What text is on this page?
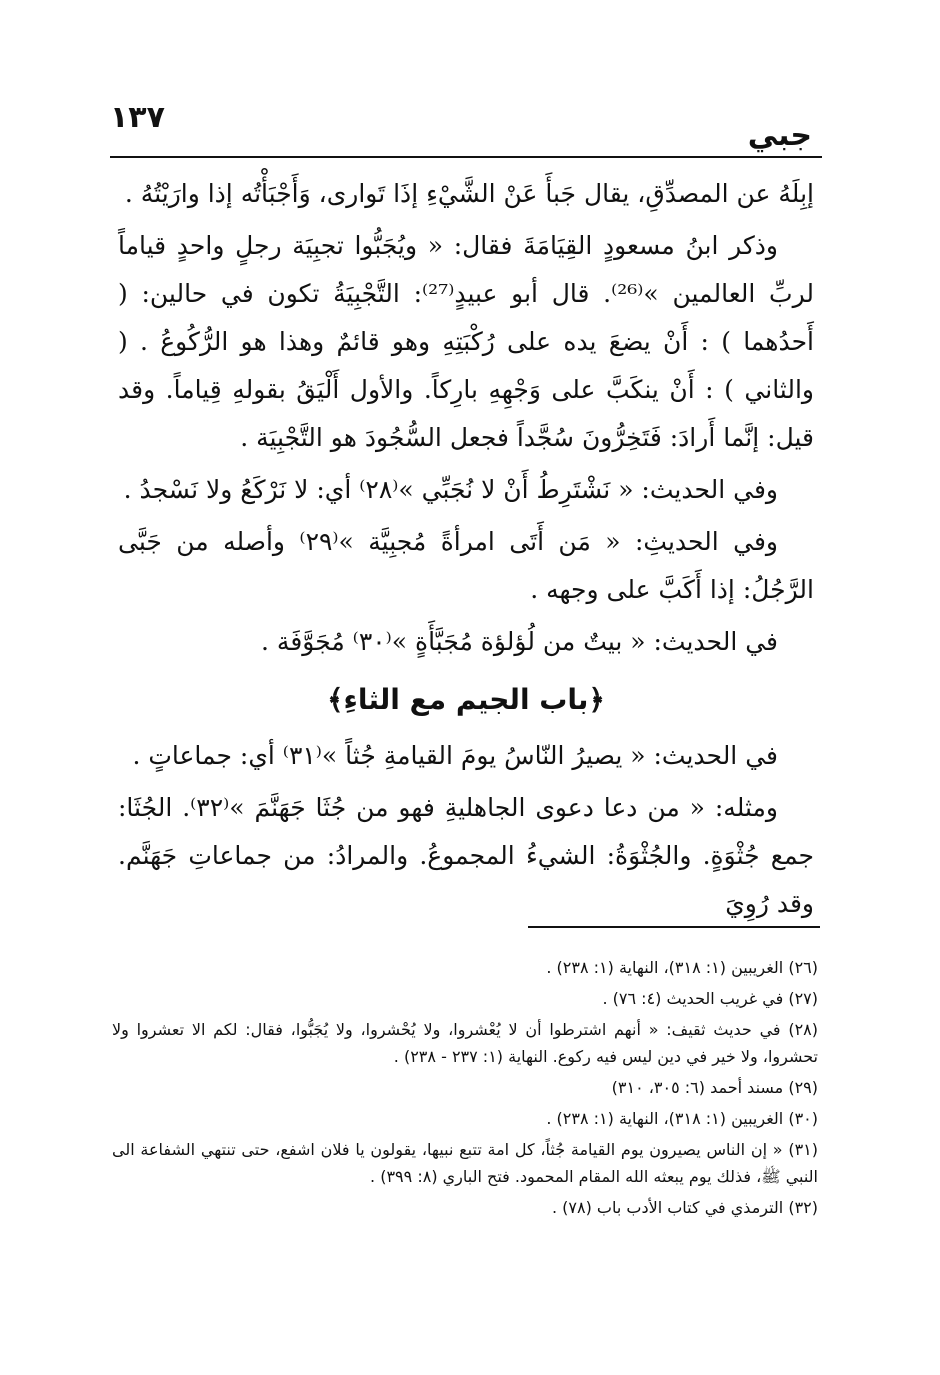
١٣٧
جبي

إبِلَهُ عن المصدِّقِ، يقال جَبأَ عَنْ الشَّيْءِ إذَا تَوارى، وَأَجْبَأْتُه إذا وارَيْتُهُ .

وذكر ابنُ مسعودٍ القِيَامَةَ فقال: « ويُجَبُّوا تجبِيَة رجلٍ واحدٍ قياماً لربِّ العالمين »⁽²⁶⁾. قال أبو عبيدٍ⁽²⁷⁾: التَّجْبِيَةُ تكون في حالين: ( أَحدُهما ) : أَنْ يضعَ يده على رُكْبَتِهِ وهو قائمٌ وهذا هو الرُّكُوعُ . ( والثاني ) : أَنْ ينكَبَّ على وَجْهِهِ بارِكاً. والأول أَلْيَقُ بقولهِ قِياماً. وقد قيل: إنَّما أَرادَ: فَتَخِرُّونَ سُجَّداً فجعل السُّجُودَ هو التَّجْبِيَة .

وفي الحديث: « نَشْتَرِطُ أَنْ لا نُجَبِّي »⁽٢٨⁾ أي: لا نَرْكَعُ ولا نَسْجدُ .

وفي الحديثِ: « مَن أَتَى امرأةً مُجبِيَّة »⁽٢٩⁾ وأصله من جَبَّى الرَّجُلُ: إذا أَكَبَّ على وجهه .

في الحديث: « بيتٌ من لُؤلؤة مُجَبَّأَةٍ »⁽٣٠⁾ مُجَوَّفَة .

﴿باب الجيم مع الثاءِ﴾

في الحديث: « يصيرُ النّاسُ يومَ القيامةِ جُثاً »⁽٣١⁾ أي: جماعاتٍ .

ومثله: « من دعا دعوى الجاهليةِ فهو من جُثَا جَهَنَّمَ »⁽٣٢⁾. الجُثَا: جمع جُثْوَةٍ. والجُثْوَةُ: الشيءُ المجموعُ. والمرادُ: من جماعاتِ جَهَنَّم. وقد رُوِيَ

(٢٦) الغريبين (١: ٣١٨)، النهاية (١: ٢٣٨) .

(٢٧) في غريب الحديث (٤: ٧٦) .

(٢٨) في حديث ثقيف: « أنهم اشترطوا أن لا يُعْشروا، ولا يُحْشروا، ولا يُجَبُّوا، فقال: لكم الا تعشروا ولا تحشروا، ولا خير في دين ليس فيه ركوع. النهاية (١: ٢٣٧ - ٢٣٨) .

(٢٩) مسند أحمد (٦: ٣٠٥، ٣١٠)

(٣٠) الغريبين (١: ٣١٨)، النهاية (١: ٢٣٨) .

(٣١) « إن الناس يصيرون يوم القيامة جُثاً، كل امة تتبع نبيها، يقولون يا فلان اشفع، حتى تنتهي الشفاعة الى النبي ﷺ، فذلك يوم يبعثه الله المقام المحمود. فتح الباري (٨: ٣٩٩) .

(٣٢) الترمذي في كتاب الأدب باب (٧٨) .
